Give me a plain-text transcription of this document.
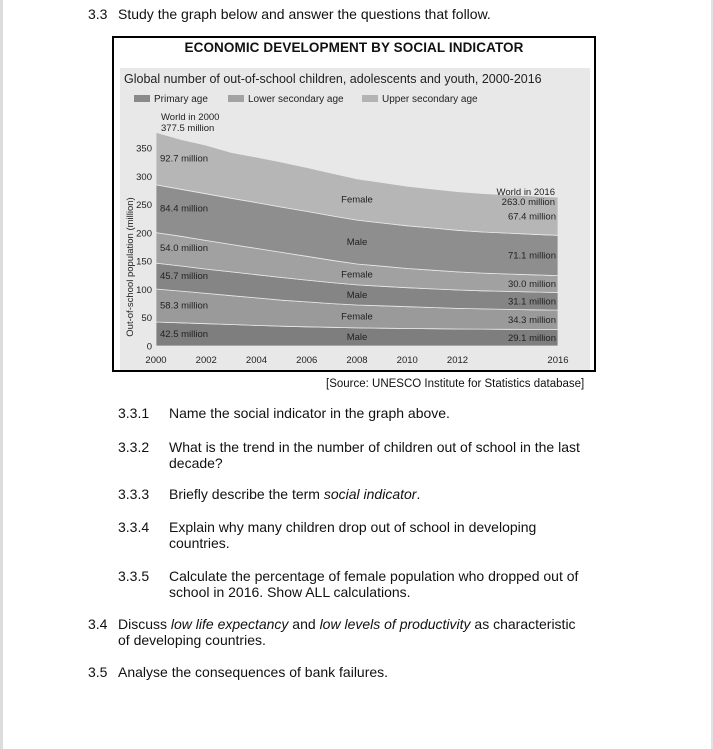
3.3 Study the graph below and answer the questions that follow.
ECONOMIC DEVELOPMENT BY SOCIAL INDICATOR
Global number of out-of-school children, adolescents and youth, 2000-2016
Primary age	Lower secondary age	Upper secondary age
0
50
100
150
200
250
300
350
Out-of-school population (million)
2000	2002	2004	2006	2008	2010	2012	2016
World in 2000
377.5 million
World in 2016
263.0 million
92.7 million
67.4 million
Female
84.4 million
71.1 million
Male
54.0 million
30.0 million
Female
45.7 million
31.1 million
Male
58.3 million
34.3 million
Female
42.5 million	29.1 million
Male
[Source: UNESCO Institute for Statistics database]
3.3.1 Name the social indicator in the graph above.
3.3.2 What is the trend in the number of children out of school in the last
decade?
3.3.3 Briefly describe the term social indicator.
3.3.4 Explain why many children drop out of school in developing
countries.
3.3.5 Calculate the percentage of female population who dropped out of
school in 2016. Show ALL calculations.
3.4 Discuss low life expectancy and low levels of productivity as characteristic
of developing countries.
3.5 Analyse the consequences of bank failures.
